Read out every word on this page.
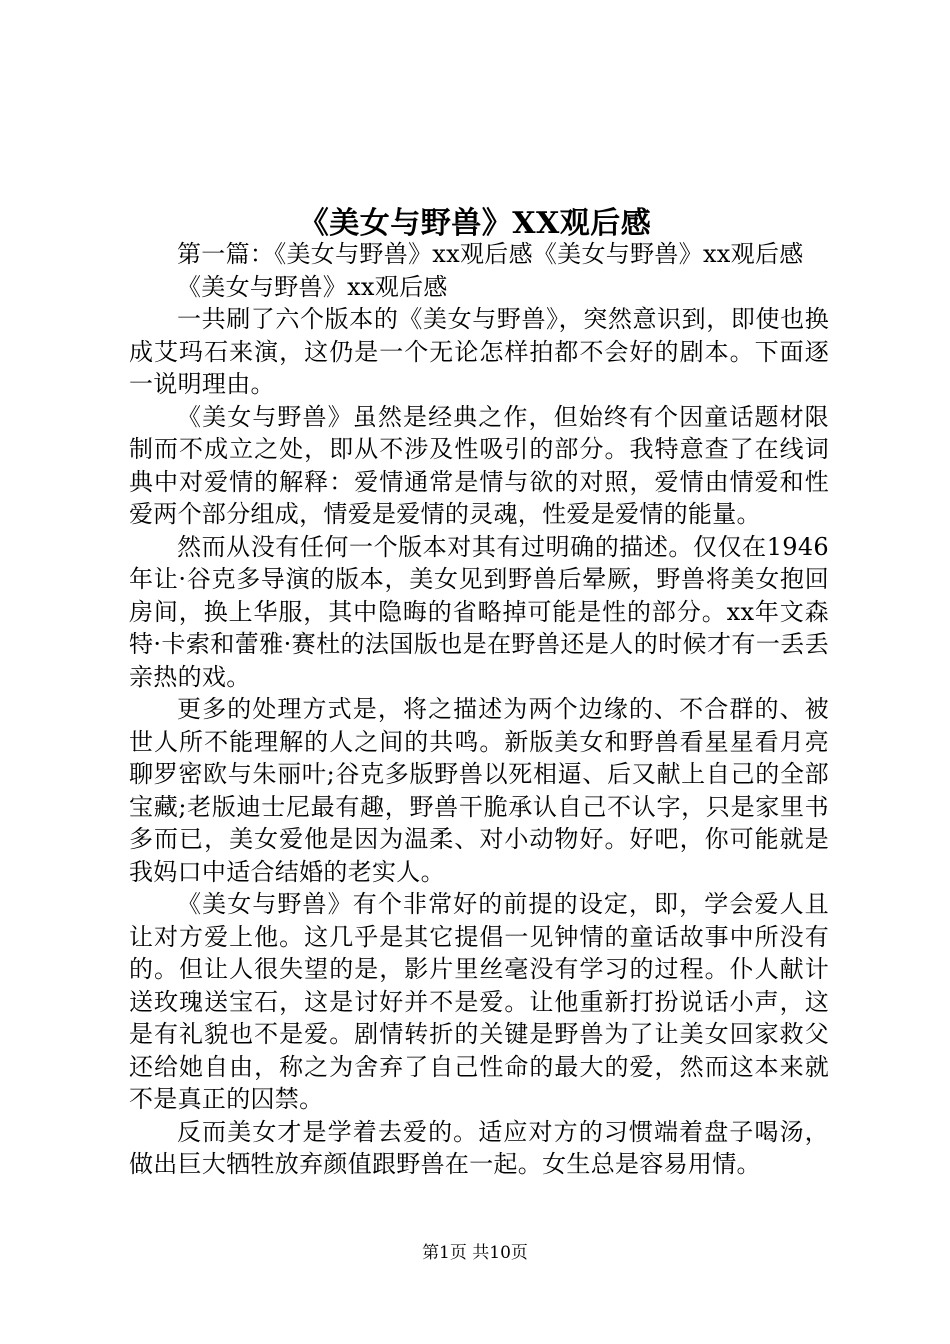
《美女与野兽》XX观后感

第一篇：《美女与野兽》xx观后感《美女与野兽》xx观后感

《美女与野兽》xx观后感

一共刷了六个版本的《美女与野兽》，突然意识到，即使也换成艾玛石来演，这仍是一个无论怎样拍都不会好的剧本。下面逐一说明理由。

《美女与野兽》虽然是经典之作，但始终有个因童话题材限制而不成立之处，即从不涉及性吸引的部分。我特意查了在线词典中对爱情的解释：爱情通常是情与欲的对照，爱情由情爱和性爱两个部分组成，情爱是爱情的灵魂，性爱是爱情的能量。

然而从没有任何一个版本对其有过明确的描述。仅仅在1946年让·谷克多导演的版本，美女见到野兽后晕厥，野兽将美女抱回房间，换上华服，其中隐晦的省略掉可能是性的部分。xx年文森特·卡索和蕾雅·赛杜的法国版也是在野兽还是人的时候才有一丢丢亲热的戏。

更多的处理方式是，将之描述为两个边缘的、不合群的、被世人所不能理解的人之间的共鸣。新版美女和野兽看星星看月亮聊罗密欧与朱丽叶;谷克多版野兽以死相逼、后又献上自己的全部宝藏;老版迪士尼最有趣，野兽干脆承认自己不认字，只是家里书多而已，美女爱他是因为温柔、对小动物好。好吧，你可能就是我妈口中适合结婚的老实人。

《美女与野兽》有个非常好的前提的设定，即，学会爱人且让对方爱上他。这几乎是其它提倡一见钟情的童话故事中所没有的。但让人很失望的是，影片里丝毫没有学习的过程。仆人献计送玫瑰送宝石，这是讨好并不是爱。让他重新打扮说话小声，这是有礼貌也不是爱。剧情转折的关键是野兽为了让美女回家救父还给她自由，称之为舍弃了自己性命的最大的爱，然而这本来就不是真正的囚禁。

反而美女才是学着去爱的。适应对方的习惯端着盘子喝汤，做出巨大牺牲放弃颜值跟野兽在一起。女生总是容易用情。

第1页 共10页
